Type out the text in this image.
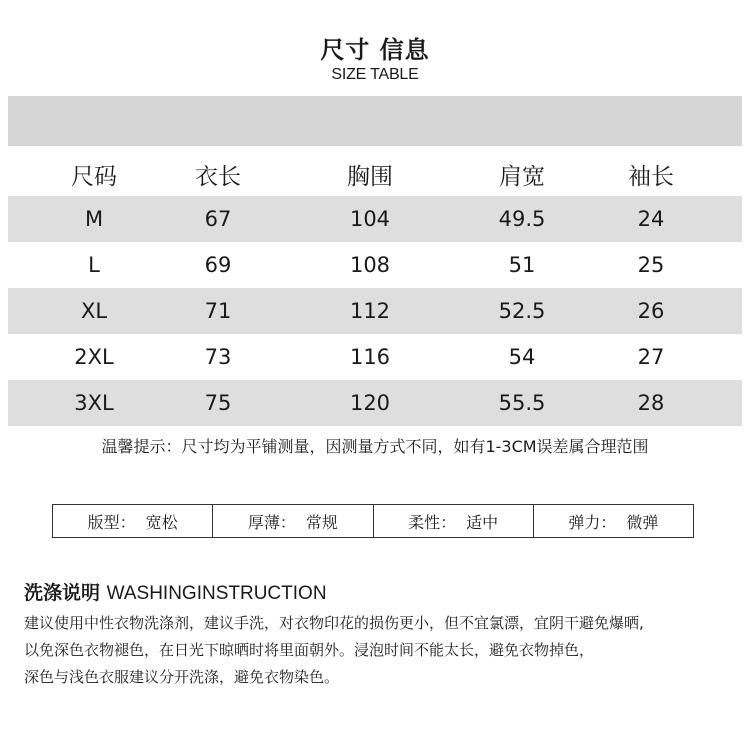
尺寸 信息
SIZE TABLE
尺码	衣长	胸围	肩宽	袖长
M	67	104	49.5	24
L	69	108	51	25
XL	71	112	52.5	26
2XL	73	116	54	27
3XL	75	120	55.5	28
温馨提示：尺寸均为平铺测量，因测量方式不同，如有1-3CM误差属合理范围
版型： 宽松	厚薄： 常规	柔性： 适中	弹力： 微弹
洗涤说明 WASHINGINSTRUCTION
建议使用中性衣物洗涤剂，建议手洗，对衣物印花的损伤更小，但不宜氯漂，宜阴干避免爆晒,
以免深色衣物褪色，在日光下晾晒时将里面朝外。浸泡时间不能太长，避免衣物掉色，
深色与浅色衣服建议分开洗涤，避免衣物染色。
